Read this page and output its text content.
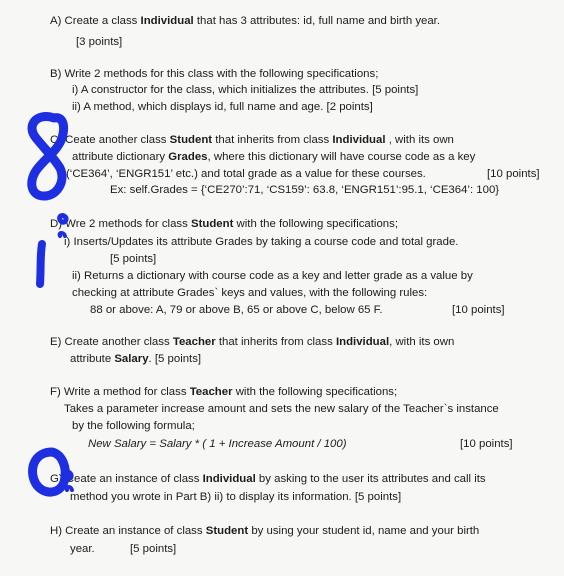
A) Create a class Individual that has 3 attributes: id, full name and birth year.
[3 points]
B) Write 2 methods for this class with the following specifications;
i) A constructor for the class, which initializes the attributes. [5 points]
ii) A method, which displays id, full name and age. [2 points]
C) Ceate another class Student that inherits from class Individual , with its own
attribute dictionary Grades, where this dictionary will have course code as a key
(‘CE364’, ‘ENGR151’ etc.) and total grade as a value for these courses.	[10 points]
Ex: self.Grades = {‘CE270’:71, ‘CS159’: 63.8, ‘ENGR151’:95.1, ‘CE364’: 100}
D) Wre 2 methods for class Student with the following specifications;
i) Inserts/Updates its attribute Grades by taking a course code and total grade.
[5 points]
ii) Returns a dictionary with course code as a key and letter grade as a value by
checking at attribute Grades` keys and values, with the following rules:
88 or above: A, 79 or above B, 65 or above C, below 65 F.	[10 points]
E) Create another class Teacher that inherits from class Individual, with its own
attribute Salary. [5 points]
F) Write a method for class Teacher with the following specifications;
Takes a parameter increase amount and sets the new salary of the Teacher`s instance
by the following formula;
New Salary = Salary * ( 1 + Increase Amount / 100)	[10 points]
G) Ceate an instance of class Individual by asking to the user its attributes and call its
method you wrote in Part B) ii) to display its information. [5 points]
H) Create an instance of class Student by using your student id, name and your birth
year.	[5 points]
